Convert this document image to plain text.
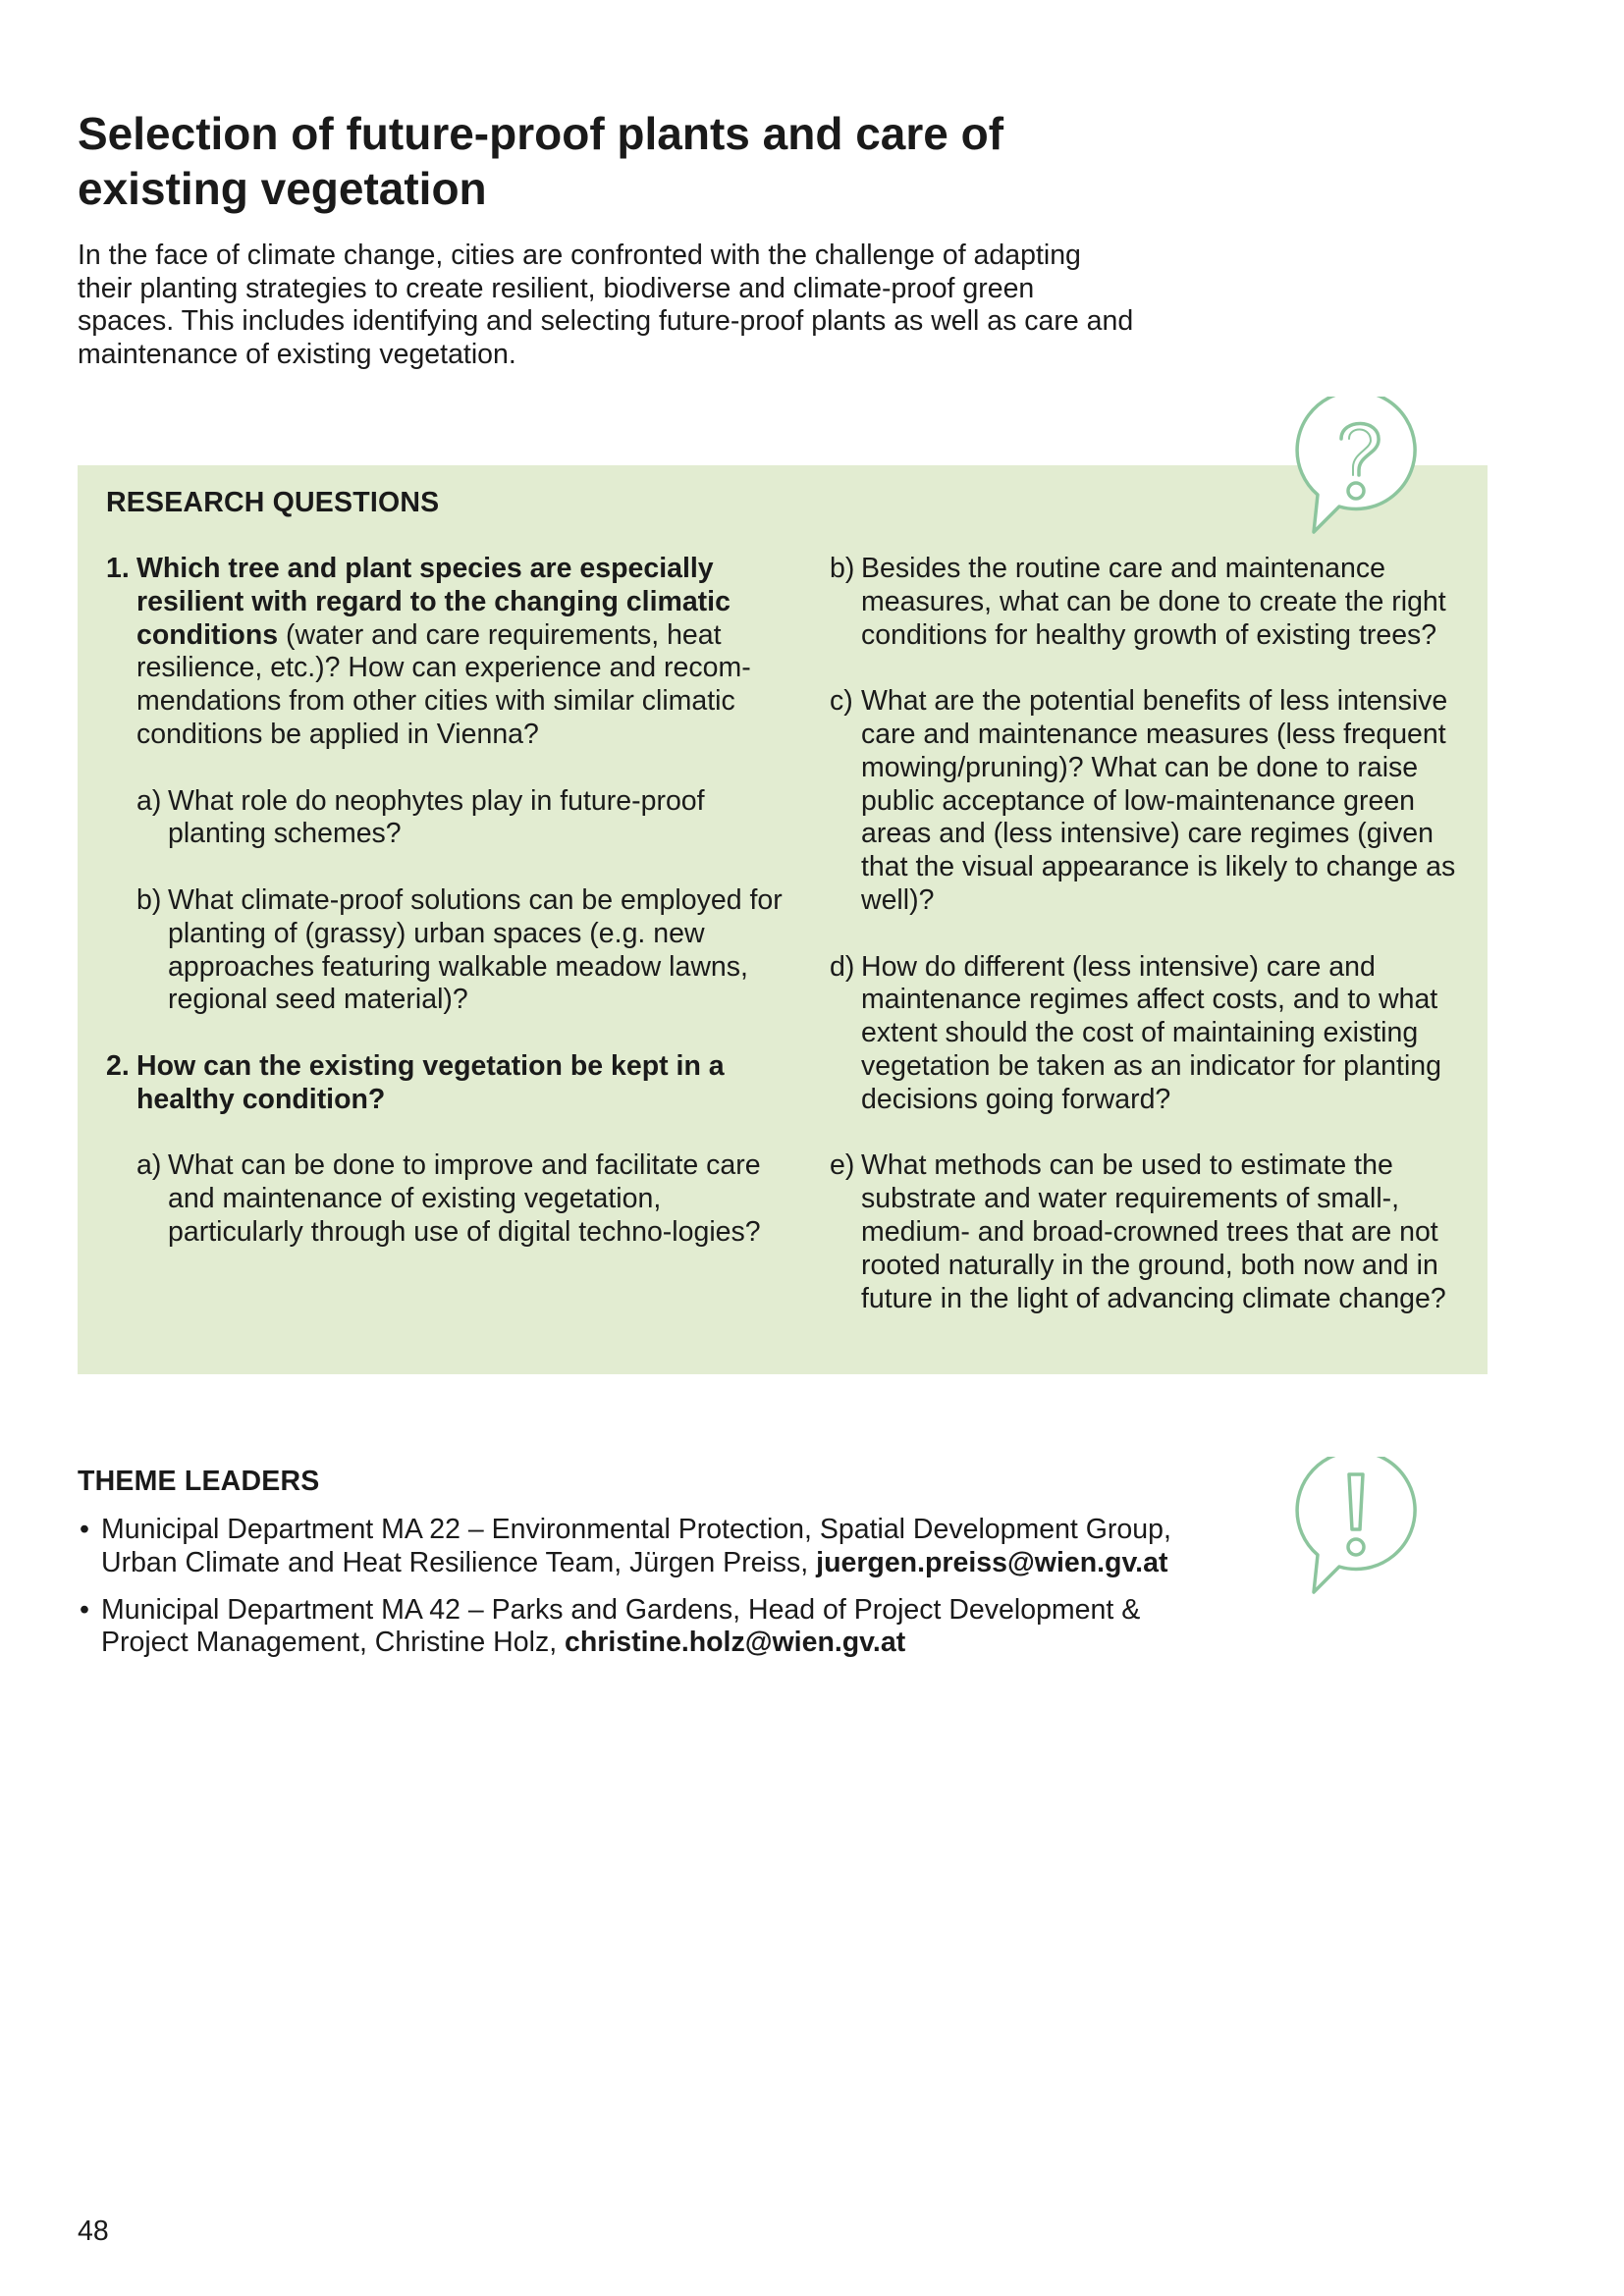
Selection of future-proof plants and care of existing vegetation

In the face of climate change, cities are confronted with the challenge of adapting their planting strategies to create resilient, biodiverse and climate-proof green spaces. This includes identifying and selecting future-proof plants as well as care and maintenance of existing vegetation.

RESEARCH QUESTIONS
1. Which tree and plant species are especially resilient with regard to the changing climatic conditions (water and care requirements, heat resilience, etc.)? How can experience and recom-mendations from other cities with similar climatic conditions be applied in Vienna?
a) What role do neophytes play in future-proof planting schemes?
b) What climate-proof solutions can be employed for planting of (grassy) urban spaces (e.g. new approaches featuring walkable meadow lawns, regional seed material)?
2. How can the existing vegetation be kept in a healthy condition?
a) What can be done to improve and facilitate care and maintenance of existing vegetation, particularly through use of digital techno-logies?
b) Besides the routine care and maintenance measures, what can be done to create the right conditions for healthy growth of existing trees?
c) What are the potential benefits of less intensive care and maintenance measures (less frequent mowing/pruning)? What can be done to raise public acceptance of low-maintenance green areas and (less intensive) care regimes (given that the visual appearance is likely to change as well)?
d) How do different (less intensive) care and maintenance regimes affect costs, and to what extent should the cost of maintaining existing vegetation be taken as an indicator for planting decisions going forward?
e) What methods can be used to estimate the substrate and water requirements of small-, medium- and broad-crowned trees that are not rooted naturally in the ground, both now and in future in the light of advancing climate change?
THEME LEADERS
• Municipal Department MA 22 – Environmental Protection, Spatial Development Group, Urban Climate and Heat Resilience Team, Jürgen Preiss, juergen.preiss@wien.gv.at
• Municipal Department MA 42 – Parks and Gardens, Head of Project Development & Project Management, Christine Holz, christine.holz@wien.gv.at

48
